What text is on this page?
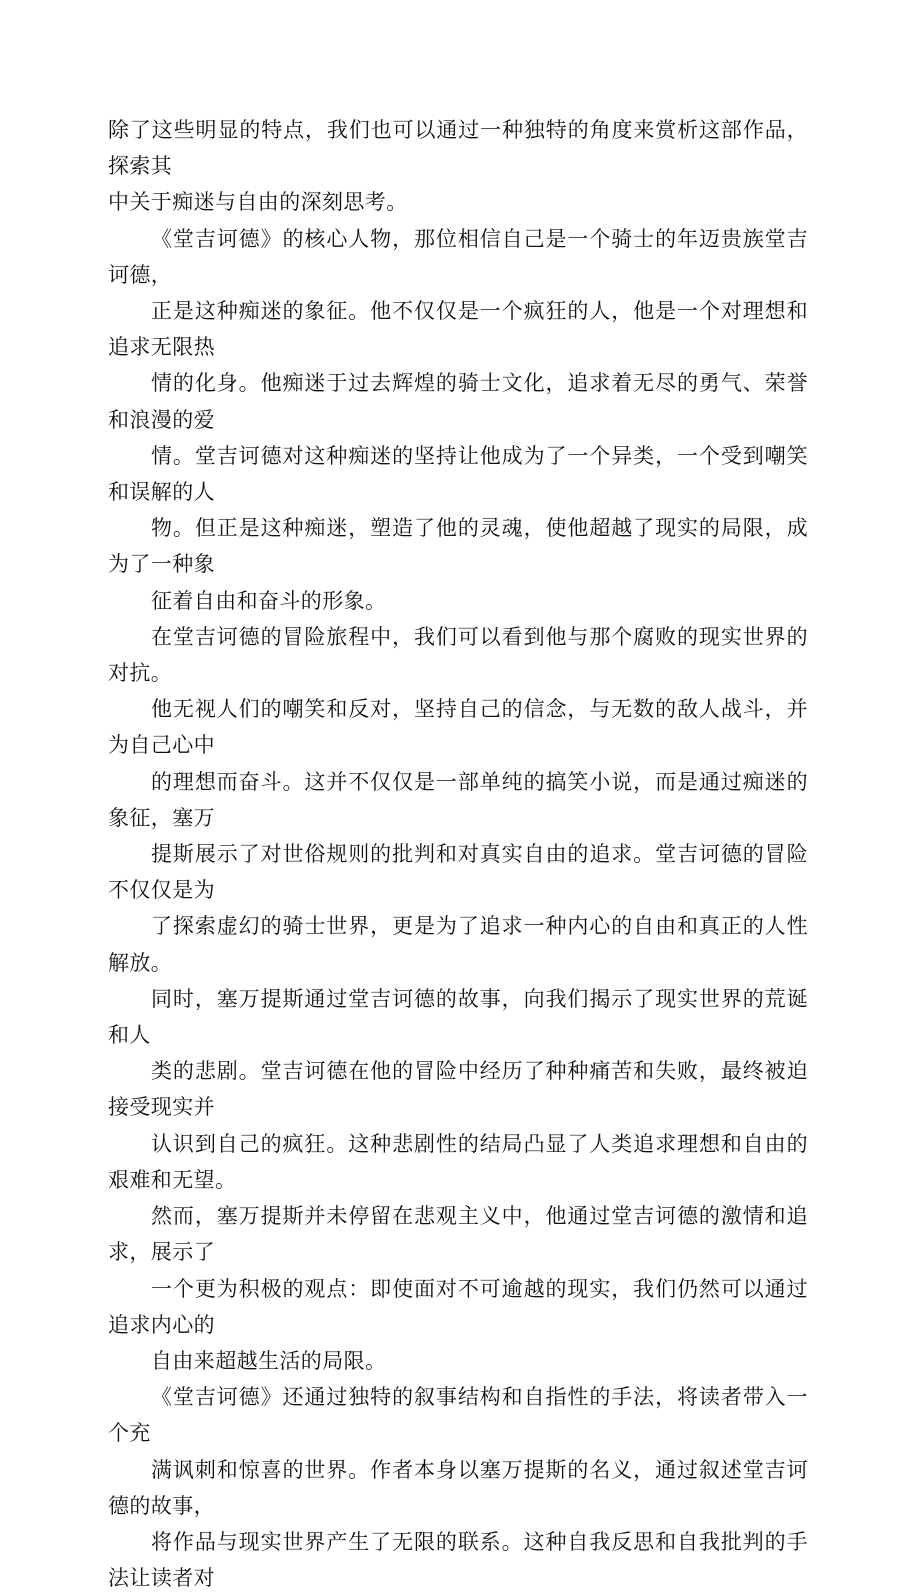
除了这些明显的特点，我们也可以通过一种独特的角度来赏析这部作品，探索其
中关于痴迷与自由的深刻思考。

《堂吉诃德》的核心人物，那位相信自己是一个骑士的年迈贵族堂吉诃德，
正是这种痴迷的象征。他不仅仅是一个疯狂的人，他是一个对理想和追求无限热
情的化身。他痴迷于过去辉煌的骑士文化，追求着无尽的勇气、荣誉和浪漫的爱
情。堂吉诃德对这种痴迷的坚持让他成为了一个异类，一个受到嘲笑和误解的人
物。但正是这种痴迷，塑造了他的灵魂，使他超越了现实的局限，成为了一种象
征着自由和奋斗的形象。

在堂吉诃德的冒险旅程中，我们可以看到他与那个腐败的现实世界的对抗。
他无视人们的嘲笑和反对，坚持自己的信念，与无数的敌人战斗，并为自己心中
的理想而奋斗。这并不仅仅是一部单纯的搞笑小说，而是通过痴迷的象征，塞万
提斯展示了对世俗规则的批判和对真实自由的追求。堂吉诃德的冒险不仅仅是为
了探索虚幻的骑士世界，更是为了追求一种内心的自由和真正的人性解放。

同时，塞万提斯通过堂吉诃德的故事，向我们揭示了现实世界的荒诞和人
类的悲剧。堂吉诃德在他的冒险中经历了种种痛苦和失败，最终被迫接受现实并
认识到自己的疯狂。这种悲剧性的结局凸显了人类追求理想和自由的艰难和无望。
然而，塞万提斯并未停留在悲观主义中，他通过堂吉诃德的激情和追求，展示了
一个更为积极的观点：即使面对不可逾越的现实，我们仍然可以通过追求内心的
自由来超越生活的局限。

《堂吉诃德》还通过独特的叙事结构和自指性的手法，将读者带入一个充
满讽刺和惊喜的世界。作者本身以塞万提斯的名义，通过叙述堂吉诃德的故事，
将作品与现实世界产生了无限的联系。这种自我反思和自我批判的手法让读者对
